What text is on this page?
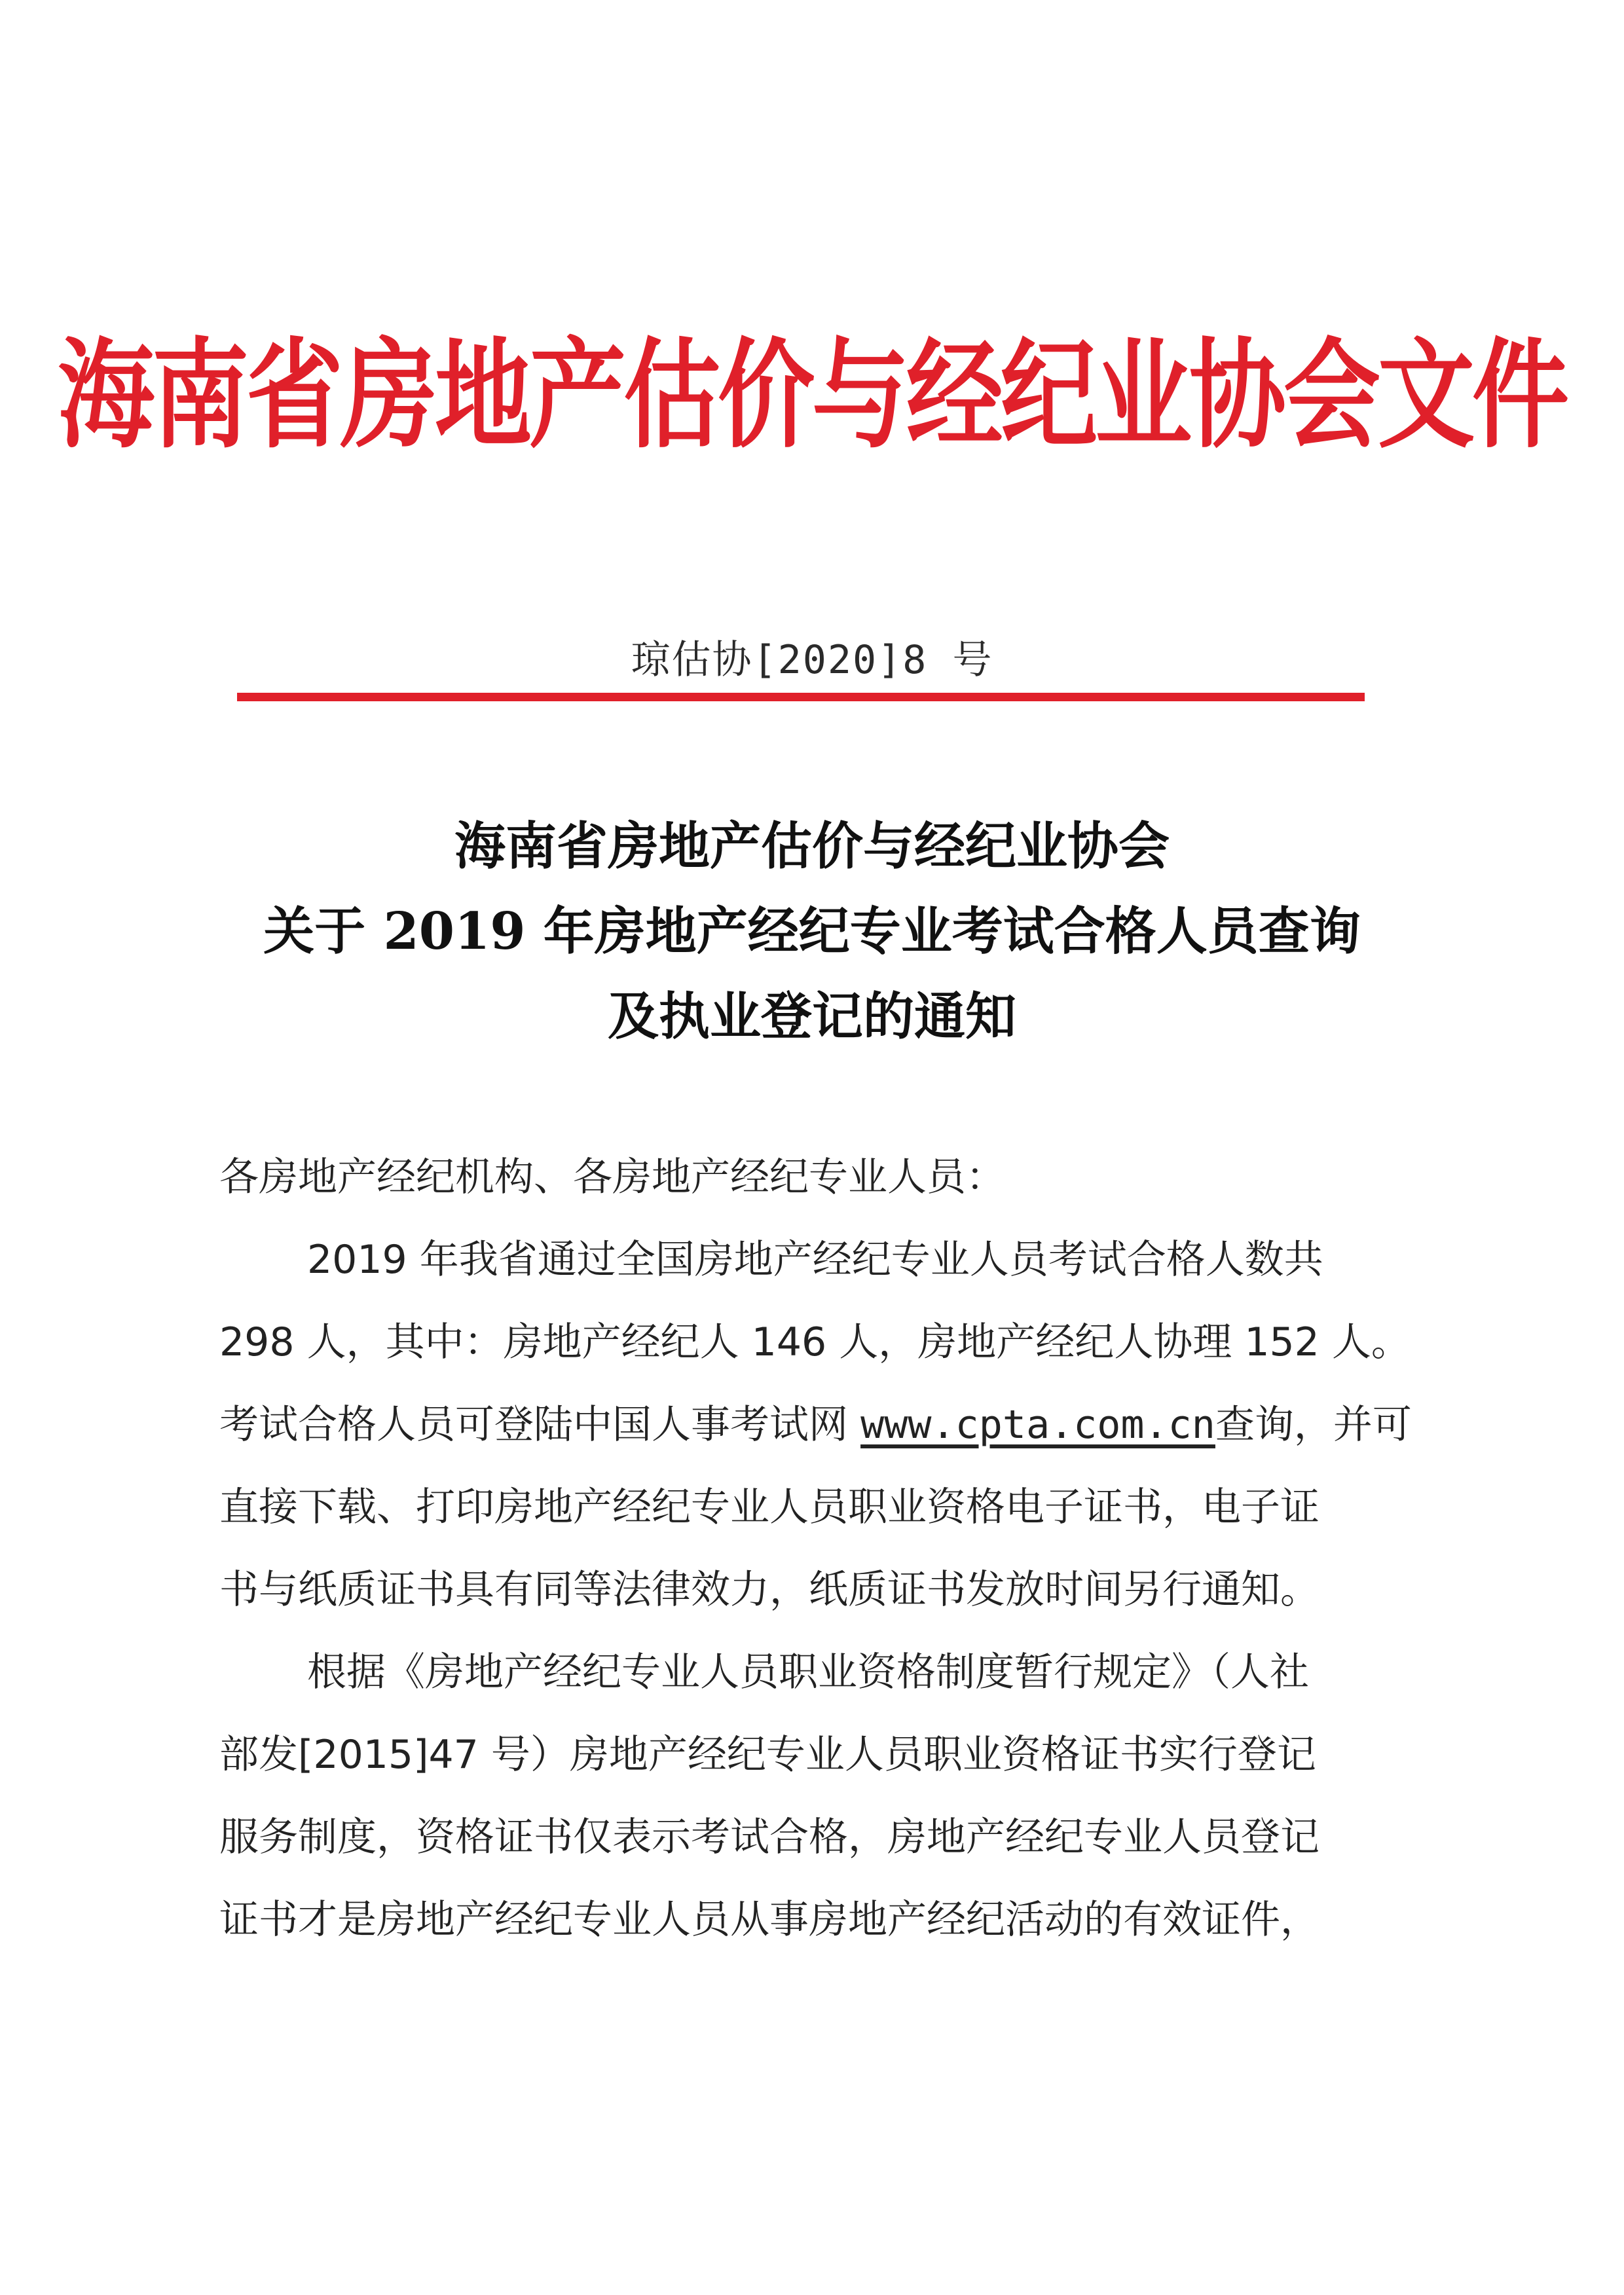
海南省房地产估价与经纪业协会文件
琼估协[2020]8 号
海南省房地产估价与经纪业协会
关于 2019 年房地产经纪专业考试合格人员查询
及执业登记的通知
各房地产经纪机构、各房地产经纪专业人员：
2019 年我省通过全国房地产经纪专业人员考试合格人数共
298 人，其中：房地产经纪人 146 人，房地产经纪人协理 152 人。
考试合格人员可登陆中国人事考试网 www.cpta.com.cn查询，并可
直接下载、打印房地产经纪专业人员职业资格电子证书，电子证
书与纸质证书具有同等法律效力，纸质证书发放时间另行通知。
根据《房地产经纪专业人员职业资格制度暂行规定》（人社
部发[2015]47 号）房地产经纪专业人员职业资格证书实行登记
服务制度，资格证书仅表示考试合格，房地产经纪专业人员登记
证书才是房地产经纪专业人员从事房地产经纪活动的有效证件，
